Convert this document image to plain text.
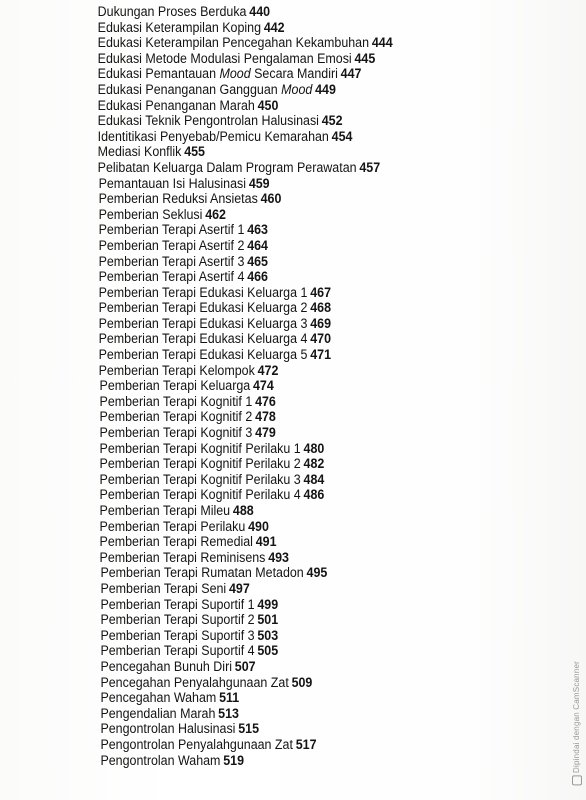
Dukungan Proses Berduka 440
Edukasi Keterampilan Koping 442
Edukasi Keterampilan Pencegahan Kekambuhan 444
Edukasi Metode Modulasi Pengalaman Emosi 445
Edukasi Pemantauan Mood Secara Mandiri 447
Edukasi Penanganan Gangguan Mood 449
Edukasi Penanganan Marah 450
Edukasi Teknik Pengontrolan Halusinasi 452
Identitikasi Penyebab/Pemicu Kemarahan 454
Mediasi Konflik 455
Pelibatan Keluarga Dalam Program Perawatan 457
Pemantauan Isi Halusinasi 459
Pemberian Reduksi Ansietas 460
Pemberian Seklusi 462
Pemberian Terapi Asertif 1 463
Pemberian Terapi Asertif 2 464
Pemberian Terapi Asertif 3 465
Pemberian Terapi Asertif 4 466
Pemberian Terapi Edukasi Keluarga 1 467
Pemberian Terapi Edukasi Keluarga 2 468
Pemberian Terapi Edukasi Keluarga 3 469
Pemberian Terapi Edukasi Keluarga 4 470
Pemberian Terapi Edukasi Keluarga 5 471
Pemberian Terapi Kelompok 472
Pemberian Terapi Keluarga 474
Pemberian Terapi Kognitif 1 476
Pemberian Terapi Kognitif 2 478
Pemberian Terapi Kognitif 3 479
Pemberian Terapi Kognitif Perilaku 1 480
Pemberian Terapi Kognitif Perilaku 2 482
Pemberian Terapi Kognitif Perilaku 3 484
Pemberian Terapi Kognitif Perilaku 4 486
Pemberian Terapi Mileu 488
Pemberian Terapi Perilaku 490
Pemberian Terapi Remedial 491
Pemberian Terapi Reminisens 493
Pemberian Terapi Rumatan Metadon 495
Pemberian Terapi Seni 497
Pemberian Terapi Suportif 1 499
Pemberian Terapi Suportif 2 501
Pemberian Terapi Suportif 3 503
Pemberian Terapi Suportif 4 505
Pencegahan Bunuh Diri 507
Pencegahan Penyalahgunaan Zat 509
Pencegahan Waham 511
Pengendalian Marah 513
Pengontrolan Halusinasi 515
Pengontrolan Penyalahgunaan Zat 517
Pengontrolan Waham 519	Dipindai dengan CamScanner
